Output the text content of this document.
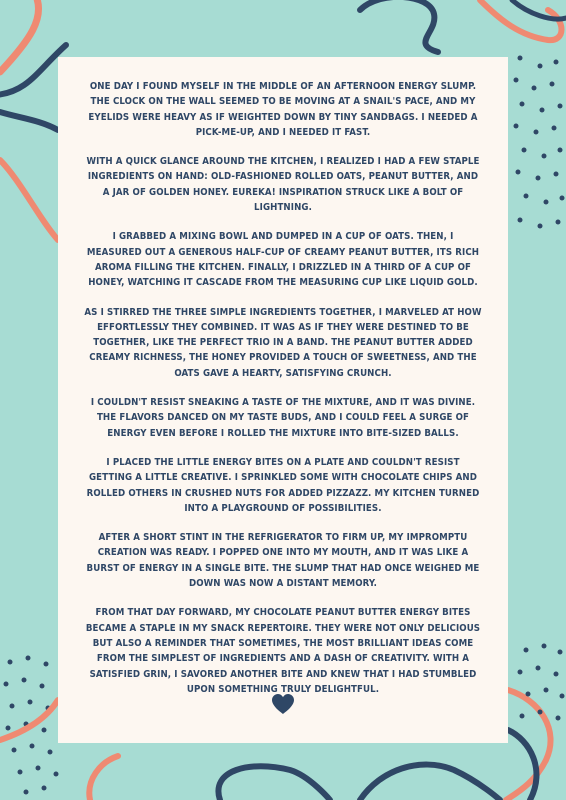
ONE DAY I FOUND MYSELF IN THE MIDDLE OF AN AFTERNOON ENERGY SLUMP. THE CLOCK ON THE WALL SEEMED TO BE MOVING AT A SNAIL'S PACE, AND MY EYELIDS WERE HEAVY AS IF WEIGHTED DOWN BY TINY SANDBAGS. I NEEDED A PICK-ME-UP, AND I NEEDED IT FAST.

WITH A QUICK GLANCE AROUND THE KITCHEN, I REALIZED I HAD A FEW STAPLE INGREDIENTS ON HAND: OLD-FASHIONED ROLLED OATS, PEANUT BUTTER, AND A JAR OF GOLDEN HONEY. EUREKA! INSPIRATION STRUCK LIKE A BOLT OF LIGHTNING.

I GRABBED A MIXING BOWL AND DUMPED IN A CUP OF OATS. THEN, I MEASURED OUT A GENEROUS HALF-CUP OF CREAMY PEANUT BUTTER, ITS RICH AROMA FILLING THE KITCHEN. FINALLY, I DRIZZLED IN A THIRD OF A CUP OF HONEY, WATCHING IT CASCADE FROM THE MEASURING CUP LIKE LIQUID GOLD.

AS I STIRRED THE THREE SIMPLE INGREDIENTS TOGETHER, I MARVELED AT HOW EFFORTLESSLY THEY COMBINED. IT WAS AS IF THEY WERE DESTINED TO BE TOGETHER, LIKE THE PERFECT TRIO IN A BAND. THE PEANUT BUTTER ADDED CREAMY RICHNESS, THE HONEY PROVIDED A TOUCH OF SWEETNESS, AND THE OATS GAVE A HEARTY, SATISFYING CRUNCH.

I COULDN'T RESIST SNEAKING A TASTE OF THE MIXTURE, AND IT WAS DIVINE. THE FLAVORS DANCED ON MY TASTE BUDS, AND I COULD FEEL A SURGE OF ENERGY EVEN BEFORE I ROLLED THE MIXTURE INTO BITE-SIZED BALLS.

I PLACED THE LITTLE ENERGY BITES ON A PLATE AND COULDN'T RESIST GETTING A LITTLE CREATIVE. I SPRINKLED SOME WITH CHOCOLATE CHIPS AND ROLLED OTHERS IN CRUSHED NUTS FOR ADDED PIZZAZZ. MY KITCHEN TURNED INTO A PLAYGROUND OF POSSIBILITIES.

AFTER A SHORT STINT IN THE REFRIGERATOR TO FIRM UP, MY IMPROMPTU CREATION WAS READY. I POPPED ONE INTO MY MOUTH, AND IT WAS LIKE A BURST OF ENERGY IN A SINGLE BITE. THE SLUMP THAT HAD ONCE WEIGHED ME DOWN WAS NOW A DISTANT MEMORY.

FROM THAT DAY FORWARD, MY CHOCOLATE PEANUT BUTTER ENERGY BITES BECAME A STAPLE IN MY SNACK REPERTOIRE. THEY WERE NOT ONLY DELICIOUS BUT ALSO A REMINDER THAT SOMETIMES, THE MOST BRILLIANT IDEAS COME FROM THE SIMPLEST OF INGREDIENTS AND A DASH OF CREATIVITY. WITH A SATISFIED GRIN, I SAVORED ANOTHER BITE AND KNEW THAT I HAD STUMBLED UPON SOMETHING TRULY DELIGHTFUL.
